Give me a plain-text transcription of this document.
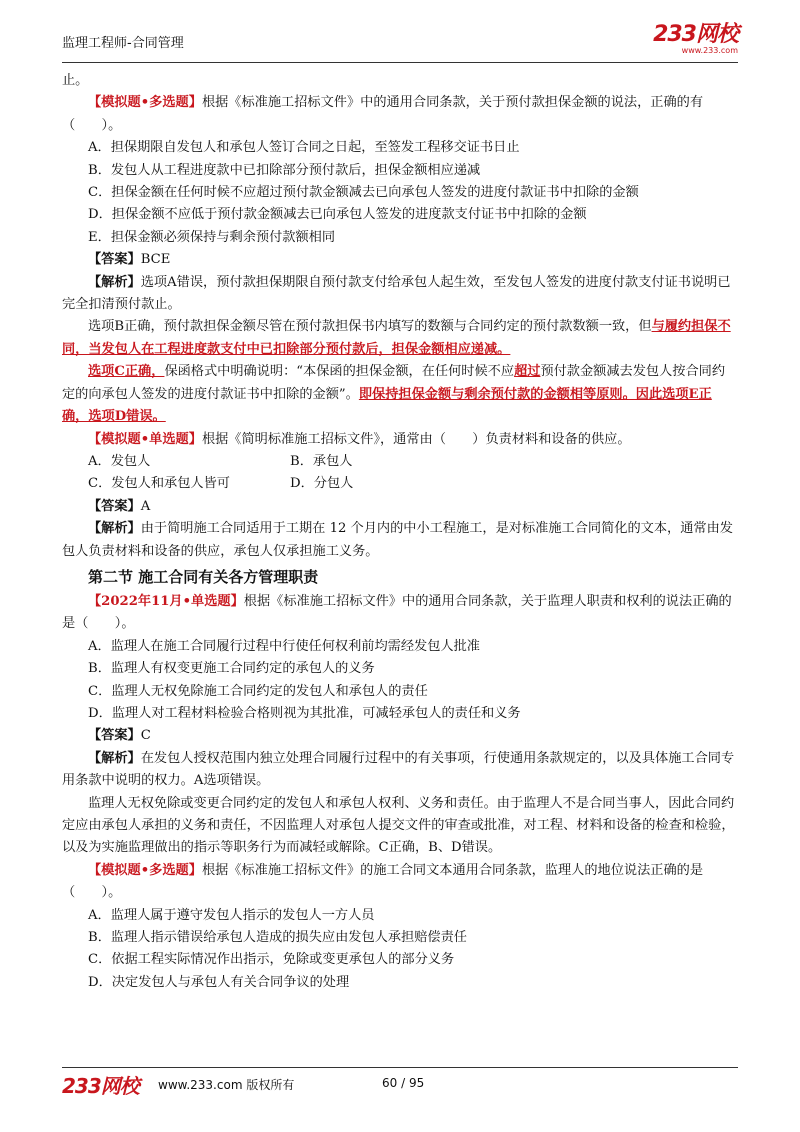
监理工程师-合同管理	233网校
www.233.com

止。

【模拟题•多选题】根据《标准施工招标文件》中的通用合同条款，关于预付款担保金额的说法，正确的有（　　）。

A．担保期限自发包人和承包人签订合同之日起，至签发工程移交证书日止

B．发包人从工程进度款中已扣除部分预付款后，担保金额相应递减

C．担保金额在任何时候不应超过预付款金额减去已向承包人签发的进度付款证书中扣除的金额

D．担保金额不应低于预付款金额减去已向承包人签发的进度款支付证书中扣除的金额

E．担保金额必须保持与剩余预付款额相同

【答案】BCE

【解析】选项A错误，预付款担保期限自预付款支付给承包人起生效，至发包人签发的进度付款支付证书说明已完全扣清预付款止。

选项B正确，预付款担保金额尽管在预付款担保书内填写的数额与合同约定的预付款数额一致，但与履约担保不同，当发包人在工程进度款支付中已扣除部分预付款后，担保金额相应递减。

选项C正确，保函格式中明确说明：“本保函的担保金额，在任何时候不应超过预付款金额减去发包人按合同约定的向承包人签发的进度付款证书中扣除的金额”。即保持担保金额与剩余预付款的金额相等原则。因此选项E正确，选项D错误。

【模拟题•单选题】根据《简明标准施工招标文件》，通常由（　　）负责材料和设备的供应。

A．发包人	B．承包人

C．发包人和承包人皆可	D．分包人

【答案】A

【解析】由于简明施工合同适用于工期在 12 个月内的中小工程施工，是对标准施工合同简化的文本，通常由发包人负责材料和设备的供应，承包人仅承担施工义务。

第二节 施工合同有关各方管理职责

【2022年11月•单选题】根据《标准施工招标文件》中的通用合同条款，关于监理人职责和权利的说法正确的是（　　）。

A．监理人在施工合同履行过程中行使任何权利前均需经发包人批准

B．监理人有权变更施工合同约定的承包人的义务

C．监理人无权免除施工合同约定的发包人和承包人的责任

D．监理人对工程材料检验合格则视为其批准，可减轻承包人的责任和义务

【答案】C

【解析】在发包人授权范围内独立处理合同履行过程中的有关事项，行使通用条款规定的，以及具体施工合同专用条款中说明的权力。A选项错误。

监理人无权免除或变更合同约定的发包人和承包人权利、义务和责任。由于监理人不是合同当事人，因此合同约定应由承包人承担的义务和责任，不因监理人对承包人提交文件的审查或批准，对工程、材料和设备的检查和检验，以及为实施监理做出的指示等职务行为而减轻或解除。C正确，B、D错误。

【模拟题•多选题】根据《标准施工招标文件》的施工合同文本通用合同条款，监理人的地位说法正确的是（　　）。

A．监理人属于遵守发包人指示的发包人一方人员

B．监理人指示错误给承包人造成的损失应由发包人承担赔偿责任

C．依据工程实际情况作出指示，免除或变更承包人的部分义务

D．决定发包人与承包人有关合同争议的处理

233网校 www.233.com 版权所有	60 / 95
